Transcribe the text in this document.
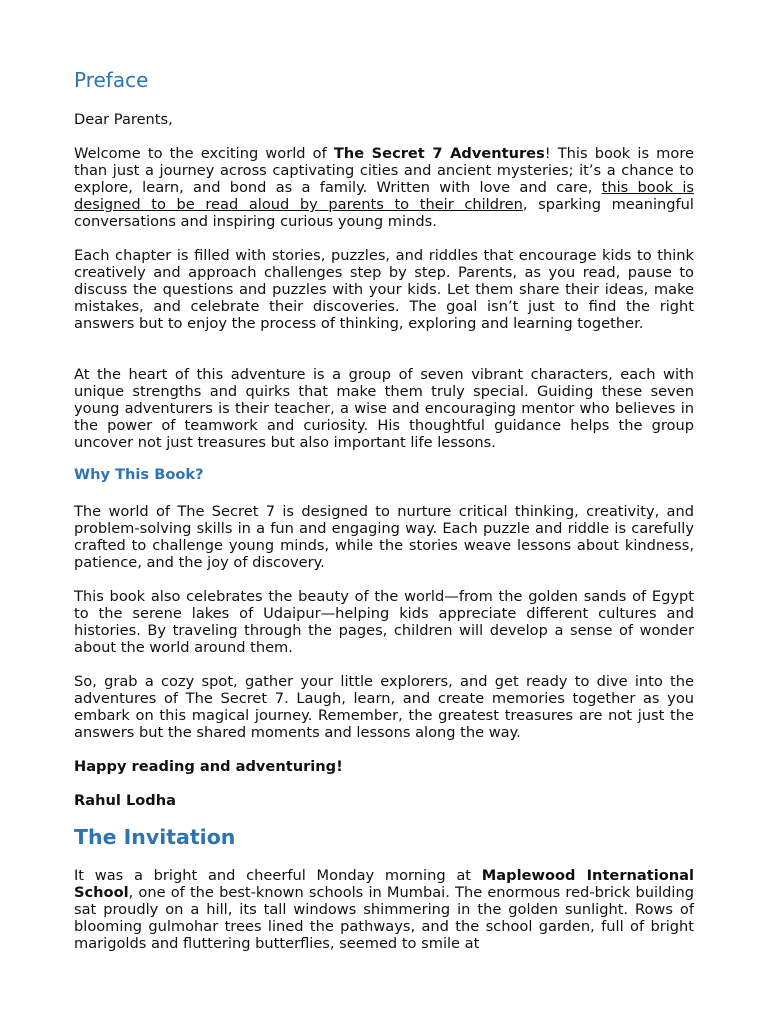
Preface

Dear Parents,

Welcome to the exciting world of The Secret 7 Adventures! This book is more than just a journey across captivating cities and ancient mysteries; it’s a chance to explore, learn, and bond as a family. Written with love and care, this book is designed to be read aloud by parents to their children, sparking meaningful conversations and inspiring curious young minds.

Each chapter is filled with stories, puzzles, and riddles that encourage kids to think creatively and approach challenges step by step. Parents, as you read, pause to discuss the questions and puzzles with your kids. Let them share their ideas, make mistakes, and celebrate their discoveries. The goal isn’t just to find the right answers but to enjoy the process of thinking, exploring and learning together.

At the heart of this adventure is a group of seven vibrant characters, each with unique strengths and quirks that make them truly special. Guiding these seven young adventurers is their teacher, a wise and encouraging mentor who believes in the power of teamwork and curiosity. His thoughtful guidance helps the group uncover not just treasures but also important life lessons.

Why This Book?

The world of The Secret 7 is designed to nurture critical thinking, creativity, and problem-solving skills in a fun and engaging way. Each puzzle and riddle is carefully crafted to challenge young minds, while the stories weave lessons about kindness, patience, and the joy of discovery.

This book also celebrates the beauty of the world—from the golden sands of Egypt to the serene lakes of Udaipur—helping kids appreciate different cultures and histories. By traveling through the pages, children will develop a sense of wonder about the world around them.

So, grab a cozy spot, gather your little explorers, and get ready to dive into the adventures of The Secret 7. Laugh, learn, and create memories together as you embark on this magical journey. Remember, the greatest treasures are not just the answers but the shared moments and lessons along the way.

Happy reading and adventuring!

Rahul Lodha

The Invitation

It was a bright and cheerful Monday morning at Maplewood International School, one of the best-known schools in Mumbai. The enormous red-brick building sat proudly on a hill, its tall windows shimmering in the golden sunlight. Rows of blooming gulmohar trees lined the pathways, and the school garden, full of bright marigolds and fluttering butterflies, seemed to smile at
